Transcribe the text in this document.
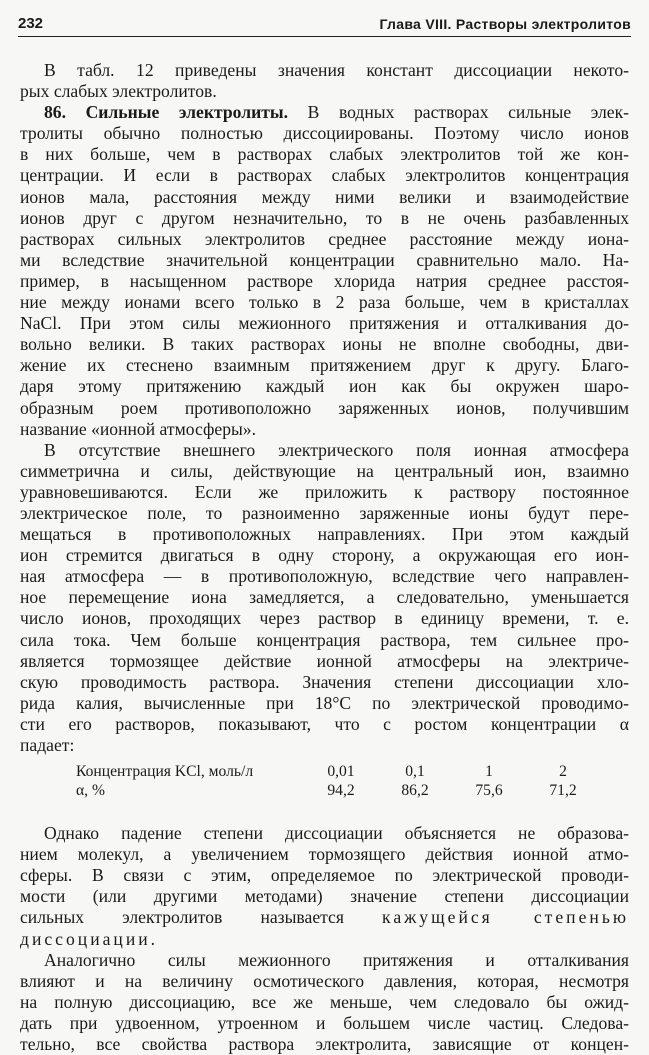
232	Глава VIII. Растворы электролитов
В табл. 12 приведены значения констант диссоциации некото-
рых слабых электролитов.
86. Сильные электролиты. В водных растворах сильные элек-
тролиты обычно полностью диссоциированы. Поэтому число ионов
в них больше, чем в растворах слабых электролитов той же кон-
центрации. И если в растворах слабых электролитов концентрация
ионов мала, расстояния между ними велики и взаимодействие
ионов друг с другом незначительно, то в не очень разбавленных
растворах сильных электролитов среднее расстояние между иона-
ми вследствие значительной концентрации сравнительно мало. На-
пример, в насыщенном растворе хлорида натрия среднее расстоя-
ние между ионами всего только в 2 раза больше, чем в кристаллах
NaCl. При этом силы межионного притяжения и отталкивания до-
вольно велики. В таких растворах ионы не вполне свободны, дви-
жение их стеснено взаимным притяжением друг к другу. Благо-
даря этому притяжению каждый ион как бы окружен шаро-
образным роем противоположно заряженных ионов, получившим
название «ионной атмосферы».
В отсутствие внешнего электрического поля ионная атмосфера
симметрична и силы, действующие на центральный ион, взаимно
уравновешиваются. Если же приложить к раствору постоянное
электрическое поле, то разноименно заряженные ионы будут пере-
мещаться в противоположных направлениях. При этом каждый
ион стремится двигаться в одну сторону, а окружающая его ион-
ная атмосфера — в противоположную, вследствие чего направлен-
ное перемещение иона замедляется, а следовательно, уменьшается
число ионов, проходящих через раствор в единицу времени, т. е.
сила тока. Чем больше концентрация раствора, тем сильнее про-
является тормозящее действие ионной атмосферы на электриче-
скую проводимость раствора. Значения степени диссоциации хло-
рида калия, вычисленные при 18°С по электрической проводимо-
сти его растворов, показывают, что с ростом концентрации α
падает:
Концентрация KCl, моль/л	0,01	0,1	1	2
α, %	94,2	86,2	75,6	71,2
Однако падение степени диссоциации объясняется не образова-
нием молекул, а увеличением тормозящего действия ионной атмо-
сферы. В связи с этим, определяемое по электрической проводи-
мости (или другими методами) значение степени диссоциации
сильных электролитов называется кажущейся степенью
диссоциации.
Аналогично силы межионного притяжения и отталкивания
влияют и на величину осмотического давления, которая, несмотря
на полную диссоциацию, все же меньше, чем следовало бы ожид-
дать при удвоенном, утроенном и большем числе частиц. Следова-
тельно, все свойства раствора электролита, зависящие от концен-
